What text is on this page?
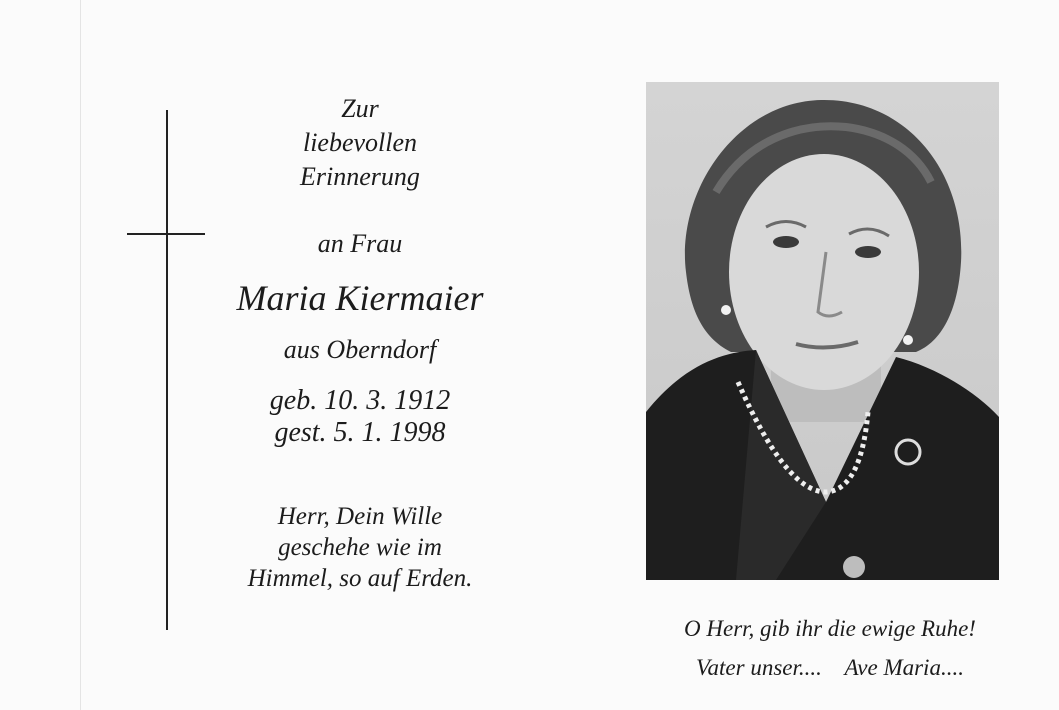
Zur
liebevollen
Erinnerung
an Frau
Maria Kiermaier
aus Oberndorf
geb. 10. 3. 1912
gest. 5. 1. 1998
Herr, Dein Wille
geschehe wie im
Himmel, so auf Erden.
O Herr, gib ihr die ewige Ruhe!
Vater unser....    Ave Maria....
